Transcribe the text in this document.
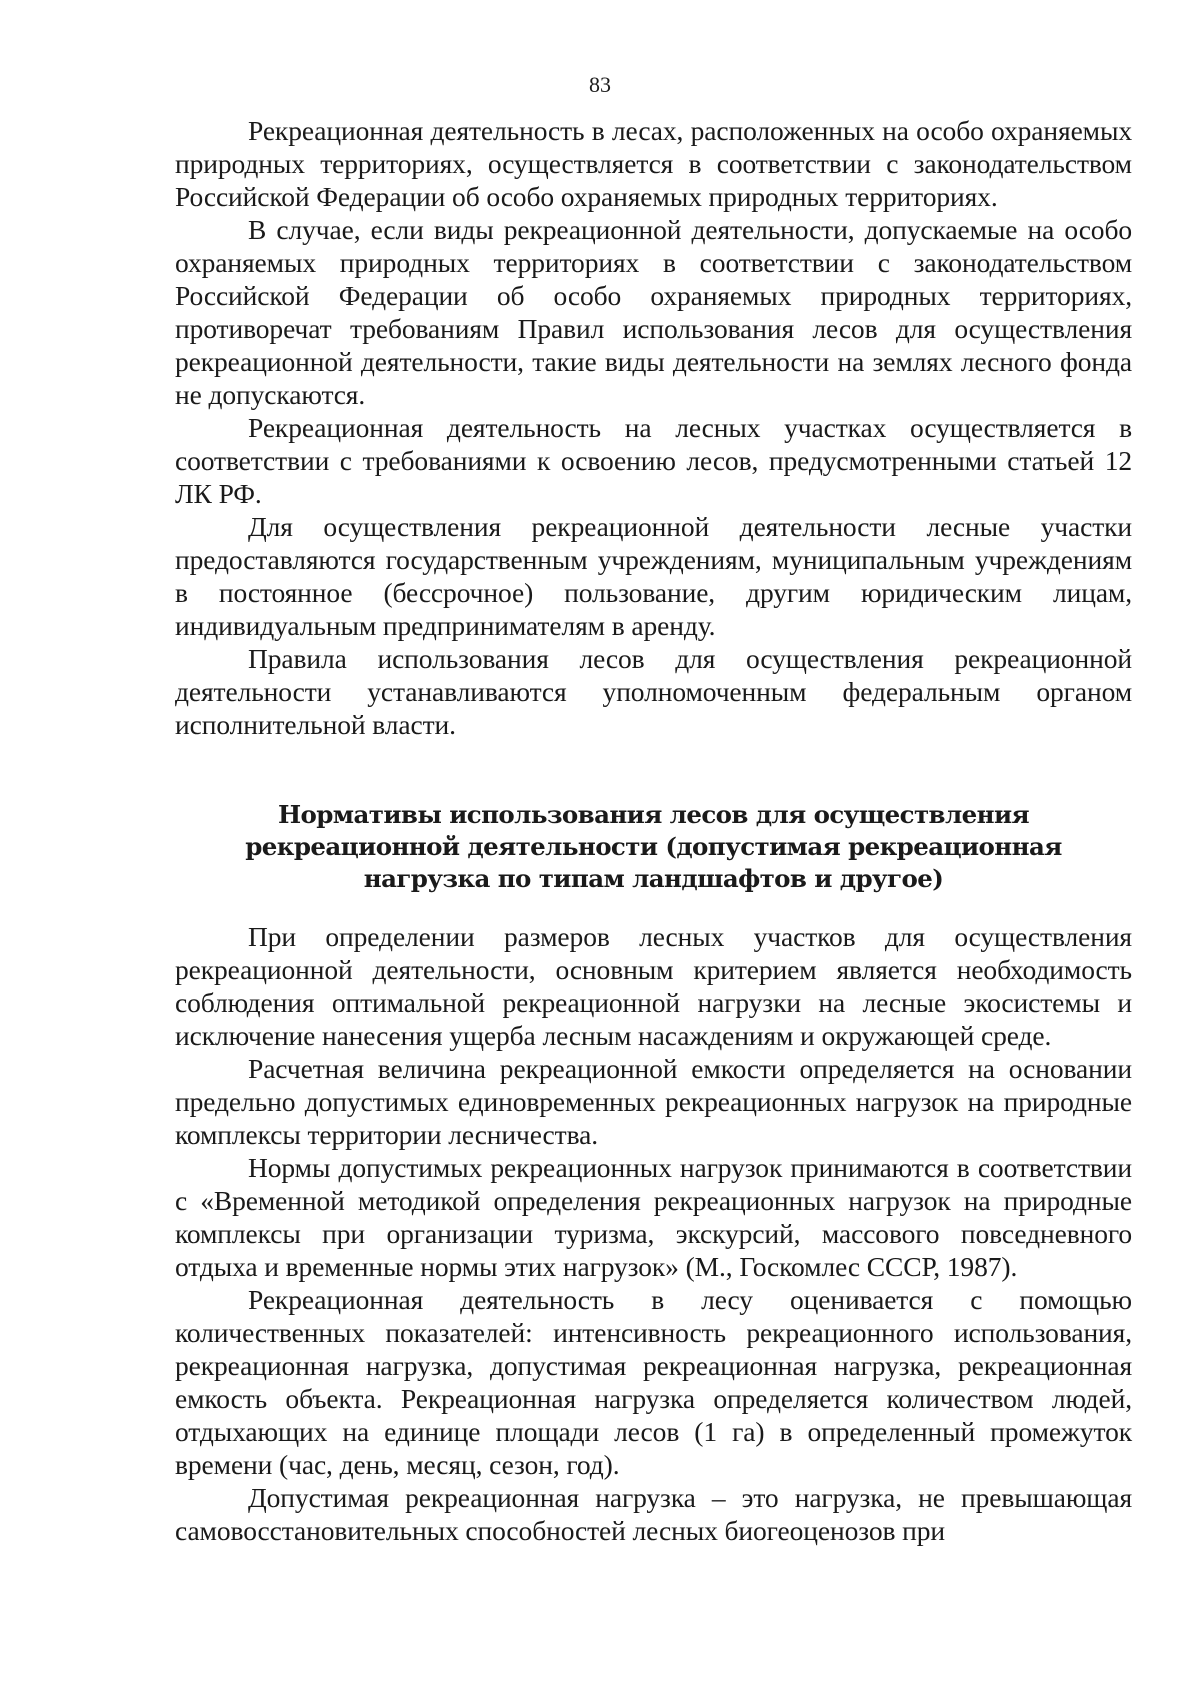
83

Рекреационная деятельность в лесах, расположенных на особо охраняемых природных территориях, осуществляется в соответствии с законодательством Российской Федерации об особо охраняемых природных территориях.

В случае, если виды рекреационной деятельности, допускаемые на особо охраняемых природных территориях в соответствии с законодательством Российской Федерации об особо охраняемых природных территориях, противоречат требованиям Правил использования лесов для осуществления рекреационной деятельности, такие виды деятельности на землях лесного фонда не допускаются.

Рекреационная деятельность на лесных участках осуществляется в соответствии с требованиями к освоению лесов, предусмотренными статьей 12 ЛК РФ.

Для осуществления рекреационной деятельности лесные участки предоставляются государственным учреждениям, муниципальным учреждениям в постоянное (бессрочное) пользование, другим юридическим лицам, индивидуальным предпринимателям в аренду.

Правила использования лесов для осуществления рекреационной деятельности устанавливаются уполномоченным федеральным органом исполнительной власти.

Нормативы использования лесов для осуществления
рекреационной деятельности (допустимая рекреационная
нагрузка по типам ландшафтов и другое)

При определении размеров лесных участков для осуществления рекреационной деятельности, основным критерием является необходимость соблюдения оптимальной рекреационной нагрузки на лесные экосистемы и исключение нанесения ущерба лесным насаждениям и окружающей среде.

Расчетная величина рекреационной емкости определяется на основании предельно допустимых единовременных рекреационных нагрузок на природные комплексы территории лесничества.

Нормы допустимых рекреационных нагрузок принимаются в соответствии с «Временной методикой определения рекреационных нагрузок на природные комплексы при организации туризма, экскурсий, массового повседневного отдыха и временные нормы этих нагрузок» (М., Госкомлес СССР, 1987).

Рекреационная деятельность в лесу оценивается с помощью количественных показателей: интенсивность рекреационного использования, рекреационная нагрузка, допустимая рекреационная нагрузка, рекреационная емкость объекта. Рекреационная нагрузка определяется количеством людей, отдыхающих на единице площади лесов (1 га) в определенный промежуток времени (час, день, месяц, сезон, год).

Допустимая рекреационная нагрузка – это нагрузка, не превышающая самовосстановительных способностей лесных биогеоценозов при
